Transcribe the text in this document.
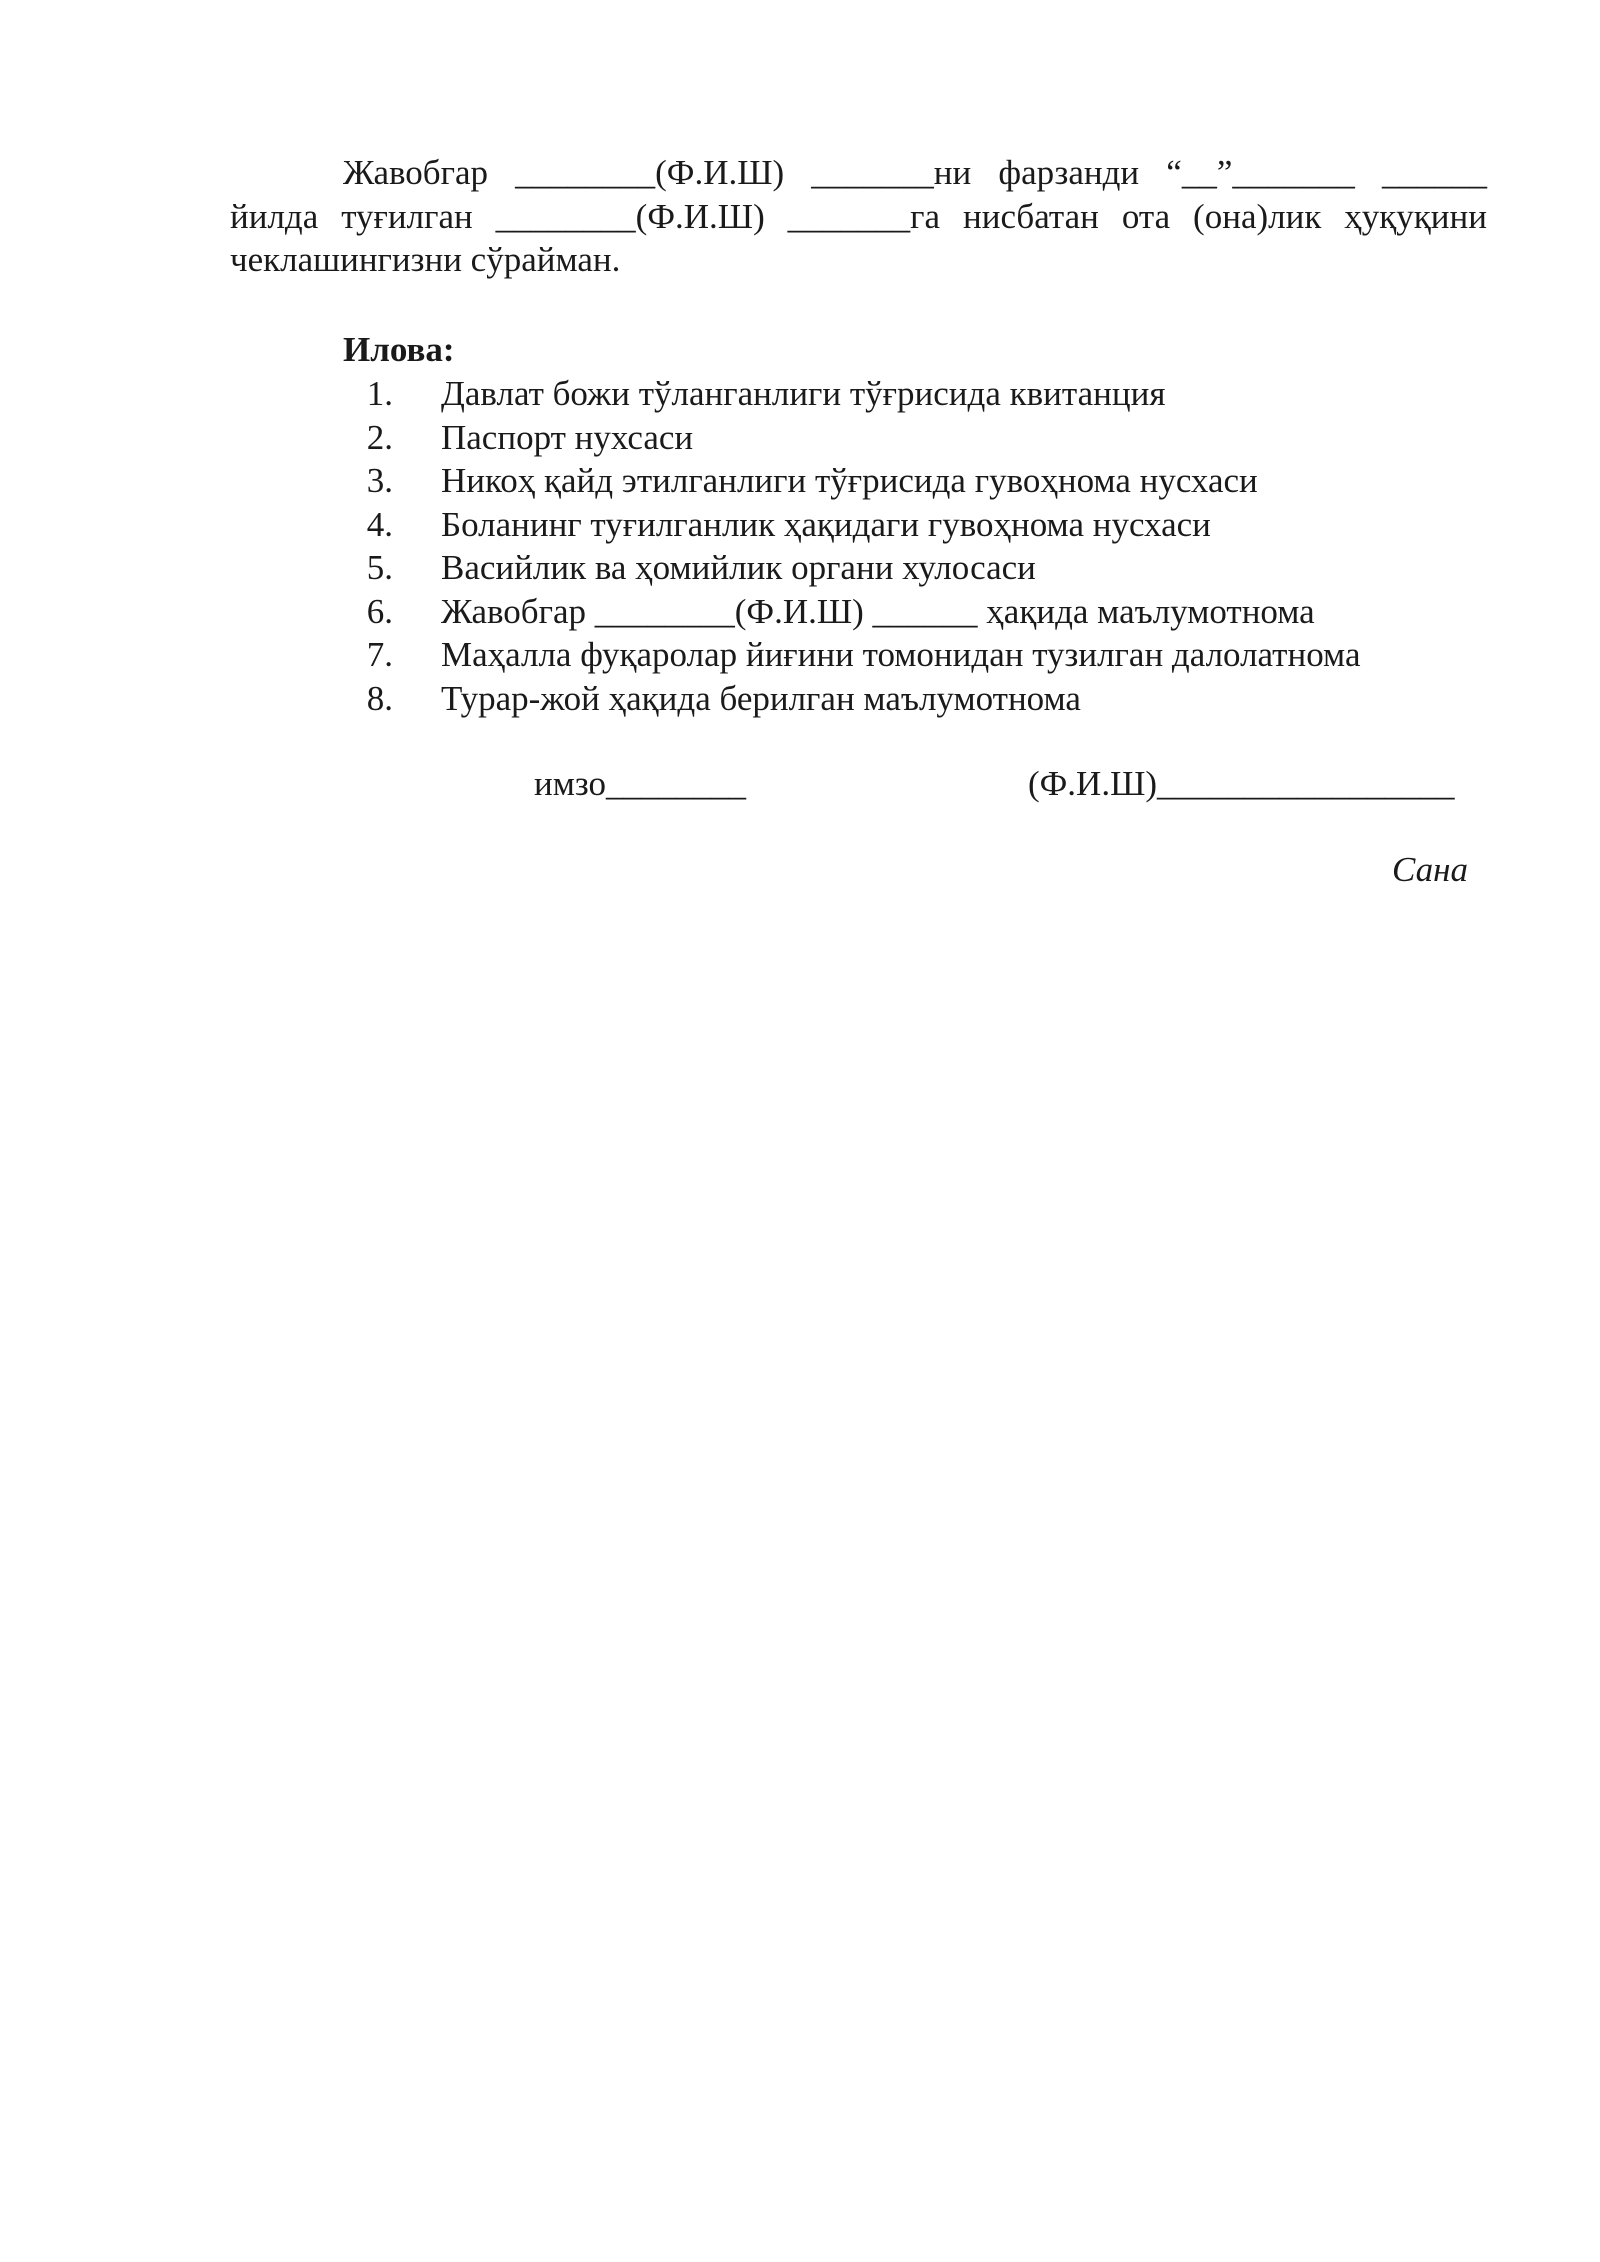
Жавобгар ________(Ф.И.Ш) _______ни фарзанди “__”_______ ______ йилда туғилган ________(Ф.И.Ш) _______га нисбатан ота (она)лик ҳуқуқини чеклашингизни сўрайман.

Илова:

1. Давлат божи тўланганлиги тўғрисида квитанция
2. Паспорт нухсаси
3. Никоҳ қайд этилганлиги тўғрисида гувоҳнома нусхаси
4. Боланинг туғилганлик ҳақидаги гувоҳнома нусхаси
5. Васийлик ва ҳомийлик органи хулосаси
6. Жавобгар ________(Ф.И.Ш) ______ ҳақида маълумотнома
7. Маҳалла фуқаролар йиғини томонидан тузилган далолатнома
8. Турар-жой ҳақида берилган маълумотнома
имзо________	(Ф.И.Ш)_________________
Сана
